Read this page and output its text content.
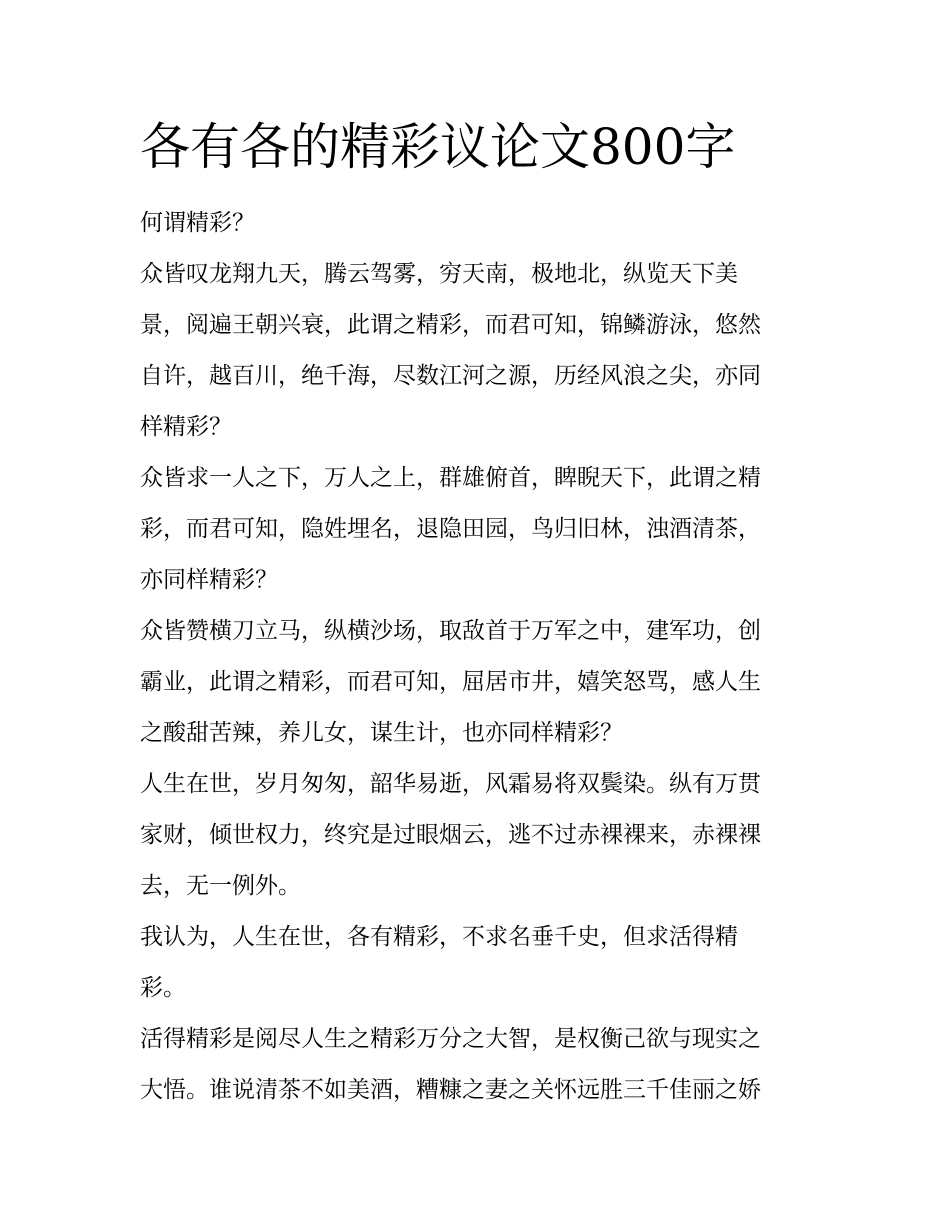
各有各的精彩议论文800字

何谓精彩？

众皆叹龙翔九天，腾云驾雾，穷天南，极地北，纵览天下美
景，阅遍王朝兴衰，此谓之精彩，而君可知，锦鳞游泳，悠然
自许，越百川，绝千海，尽数江河之源，历经风浪之尖，亦同
样精彩？

众皆求一人之下，万人之上，群雄俯首，睥睨天下，此谓之精
彩，而君可知，隐姓埋名，退隐田园，鸟归旧林，浊酒清茶，
亦同样精彩？

众皆赞横刀立马，纵横沙场，取敌首于万军之中，建军功，创
霸业，此谓之精彩，而君可知，屈居市井，嬉笑怒骂，感人生
之酸甜苦辣，养儿女，谋生计，也亦同样精彩？

人生在世，岁月匆匆，韶华易逝，风霜易将双鬓染。纵有万贯
家财，倾世权力，终究是过眼烟云，逃不过赤裸裸来，赤裸裸
去，无一例外。

我认为，人生在世，各有精彩，不求名垂千史，但求活得精
彩。

活得精彩是阅尽人生之精彩万分之大智，是权衡己欲与现实之
大悟。谁说清茶不如美酒，糟糠之妻之关怀远胜三千佳丽之娇
